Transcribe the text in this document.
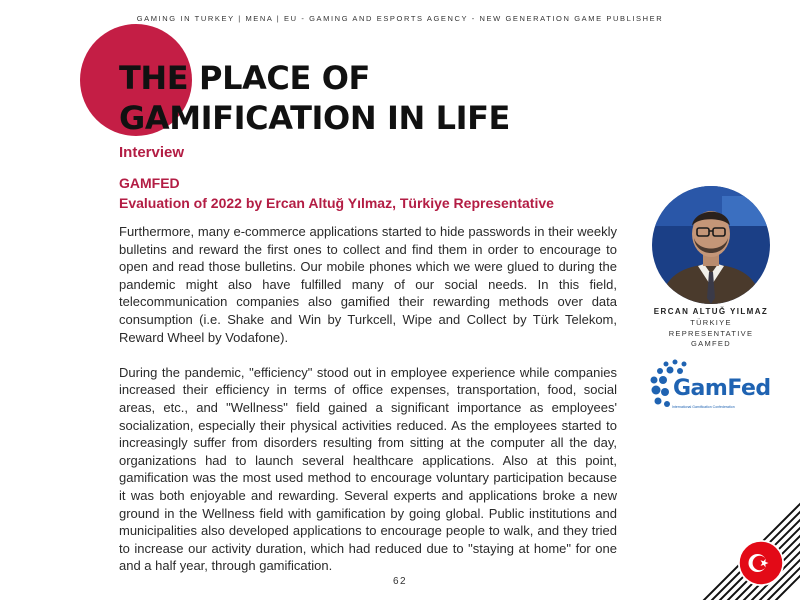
GAMING IN TURKEY | MENA | EU - GAMING AND ESPORTS AGENCY - NEW GENERATION GAME PUBLISHER
THE PLACE OF
GAMIFICATION IN LIFE
Interview
GAMFED
Evaluation of 2022 by Ercan Altuğ Yılmaz, Türkiye Representative

Furthermore, many e-commerce applications started to hide passwords in their weekly bulletins and reward the first ones to collect and find them in order to encourage to open and read those bulletins. Our mobile phones which we were glued to during the pandemic might also have fulfilled many of our social needs. In this field, telecommunication companies also gamified their rewarding methods over data consumption (i.e. Shake and Win by Turkcell, Wipe and Collect by Türk Telekom, Reward Wheel by Vodafone).

During the pandemic, "efficiency" stood out in employee experience while companies increased their efficiency in terms of office expenses, transportation, food, social areas, etc., and "Wellness" field gained a significant importance as employees' socialization, especially their physical activities reduced. As the employees started to increasingly suffer from disorders resulting from sitting at the computer all the day, organizations had to launch several healthcare applications. Also at this point, gamification was the most used method to encourage voluntary participation because it was both enjoyable and rewarding. Several experts and applications broke a new ground in the Wellness field with gamification by going global. Public institutions and municipalities also developed applications to encourage people to walk, and they tried to increase our activity duration, which had reduced due to "staying at home" for one and a half year, through gamification.

ERCAN ALTUĞ YILMAZ
TÜRKIYE
REPRESENTATIVE
GAMFED
GamFed
International Gamification Confederation
62
